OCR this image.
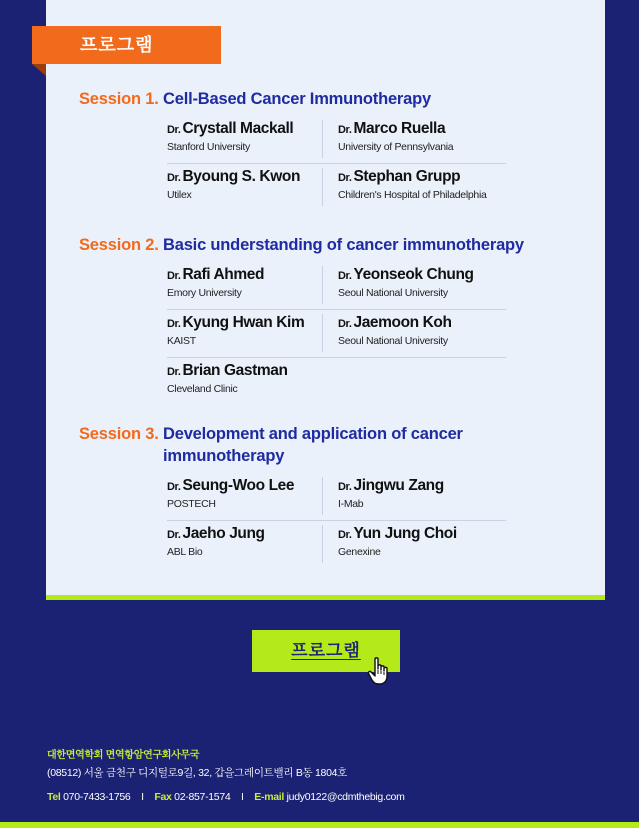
프로그램
Session 1. Cell-Based Cancer Immunotherapy
Dr. Crystall Mackall
Stanford University
Dr. Marco Ruella
University of Pennsylvania
Dr. Byoung S. Kwon
Utilex
Dr. Stephan Grupp
Children's Hospital of Philadelphia
Session 2. Basic understanding of cancer immunotherapy
Dr. Rafi Ahmed
Emory University
Dr. Yeonseok Chung
Seoul National University
Dr. Kyung Hwan Kim
KAIST
Dr. Jaemoon Koh
Seoul National University
Dr. Brian Gastman
Cleveland Clinic
Session 3. Development and application of cancer immunotherapy
Dr. Seung-Woo Lee
POSTECH
Dr. Jingwu Zang
I-Mab
Dr. Jaeho Jung
ABL Bio
Dr. Yun Jung Choi
Genexine
프로그램
대한면역학회 면역항암연구회사무국
(08512) 서울 금천구 디지털로9길, 32, 갑을그레이트밸리 B동 1804호
Tel 070-7433-1756 I Fax 02-857-1574 I E-mail judy0122@cdmthebig.com
